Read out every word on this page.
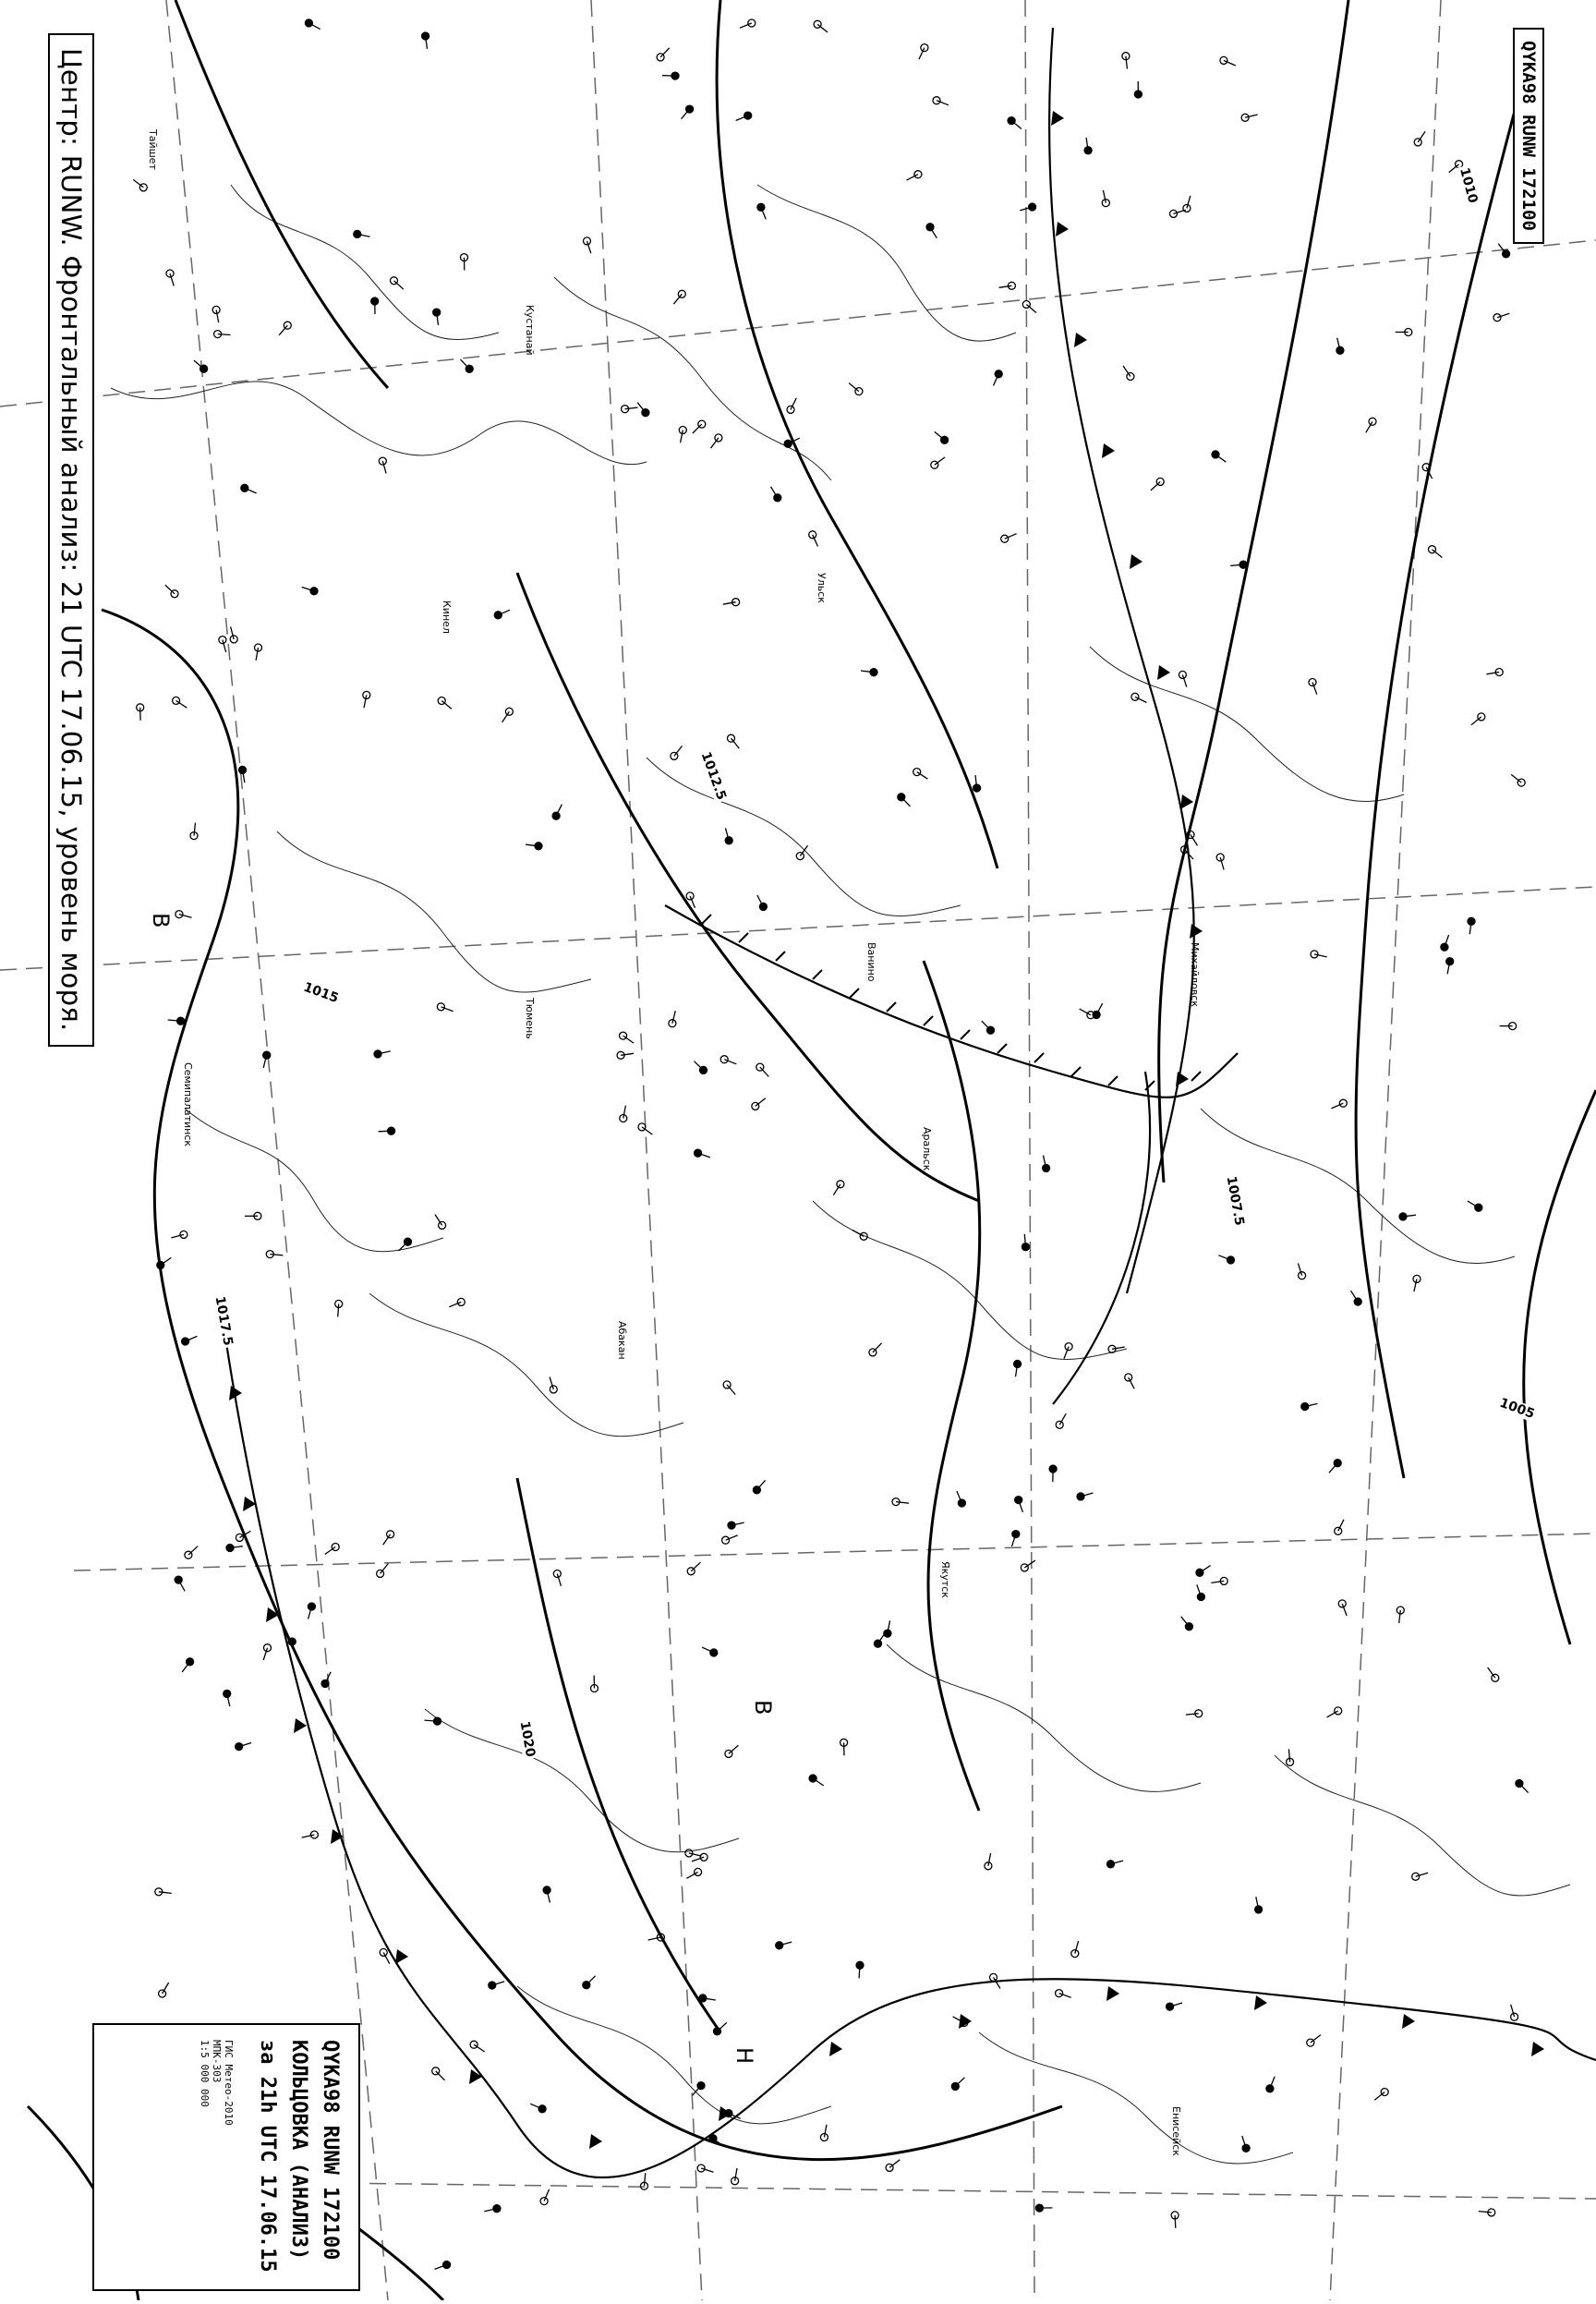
Центр: RUNW. Фронтальный анализ: 21 UTC 17.06.15, уровень моря.	QYKA98 RUNW 172100
QYKA98 RUNW 172100
КОЛЬЦОВКА (АНАЛИЗ)
за 21h UTC 17.06.15
ГИС Метео-2010
МПК-303
1:5 000 000
1010
1012.5
1015
1017.5
1020
1007.5
1005
В
В
Н
Тайшет
Кустанай
Ульск
Кинел
Семипалатинск
Абакан
Ванино
Тюмень
Енисейск
Якутск
Михайловск
Аральск
